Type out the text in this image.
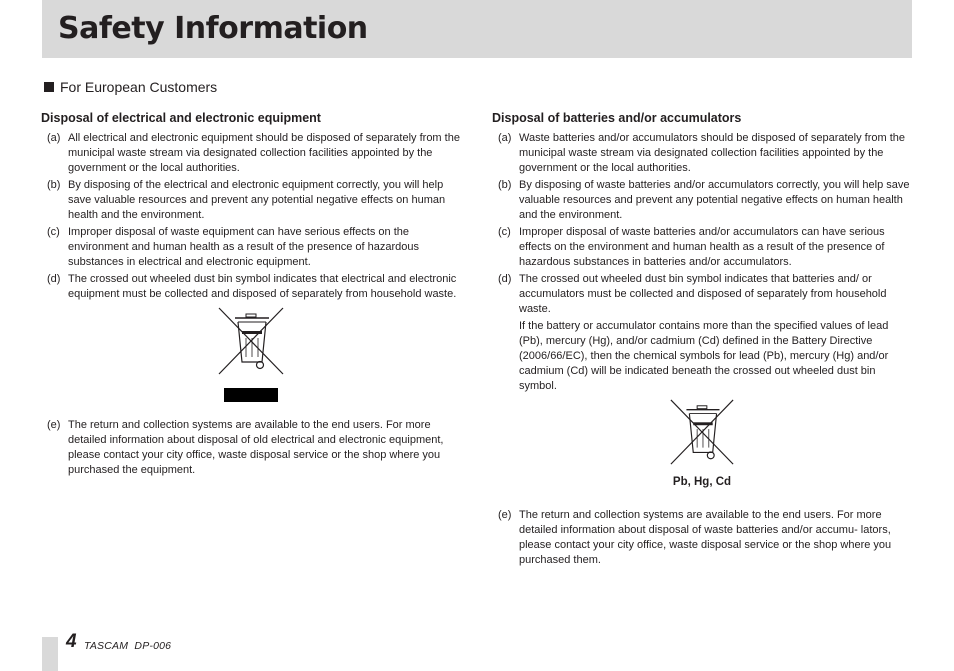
Safety Information
For European Customers
Disposal of electrical and electronic equipment
(a) All electrical and electronic equipment should be disposed of separately from the municipal waste stream via designated collection facilities appointed by the government or the local authorities.
(b) By disposing of the electrical and electronic equipment correctly, you will help save valuable resources and prevent any potential negative effects on human health and the environment.
(c) Improper disposal of waste equipment can have serious effects on the environment and human health as a result of the presence of hazardous substances in electrical and electronic equipment.
(d) The crossed out wheeled dust bin symbol indicates that electrical and electronic equipment must be collected and disposed of separately from household waste.
(e) The return and collection systems are available to the end users. For more detailed information about disposal of old electrical and electronic equipment, please contact your city office, waste disposal service or the shop where you purchased the equipment.
Disposal of batteries and/or accumulators
(a) Waste batteries and/or accumulators should be disposed of separately from the municipal waste stream via designated collection facilities appointed by the government or the local authorities.
(b) By disposing of waste batteries and/or accumulators correctly, you will help save valuable resources and prevent any potential negative effects on human health and the environment.
(c) Improper disposal of waste batteries and/or accumulators can have serious effects on the environment and human health as a result of the presence of hazardous substances in batteries and/or accumulators.
(d) The crossed out wheeled dust bin symbol indicates that batteries and/ or accumulators must be collected and disposed of separately from household waste.
If the battery or accumulator contains more than the specified values of lead (Pb), mercury (Hg), and/or cadmium (Cd) defined in the Battery Directive (2006/66/EC), then the chemical symbols for lead (Pb), mercury (Hg) and/or cadmium (Cd) will be indicated beneath the crossed out wheeled dust bin symbol.
Pb, Hg, Cd
(e) The return and collection systems are available to the end users. For more detailed information about disposal of waste batteries and/or accumu- lators, please contact your city office, waste disposal service or the shop where you purchased them.
4 TASCAM  DP-006
